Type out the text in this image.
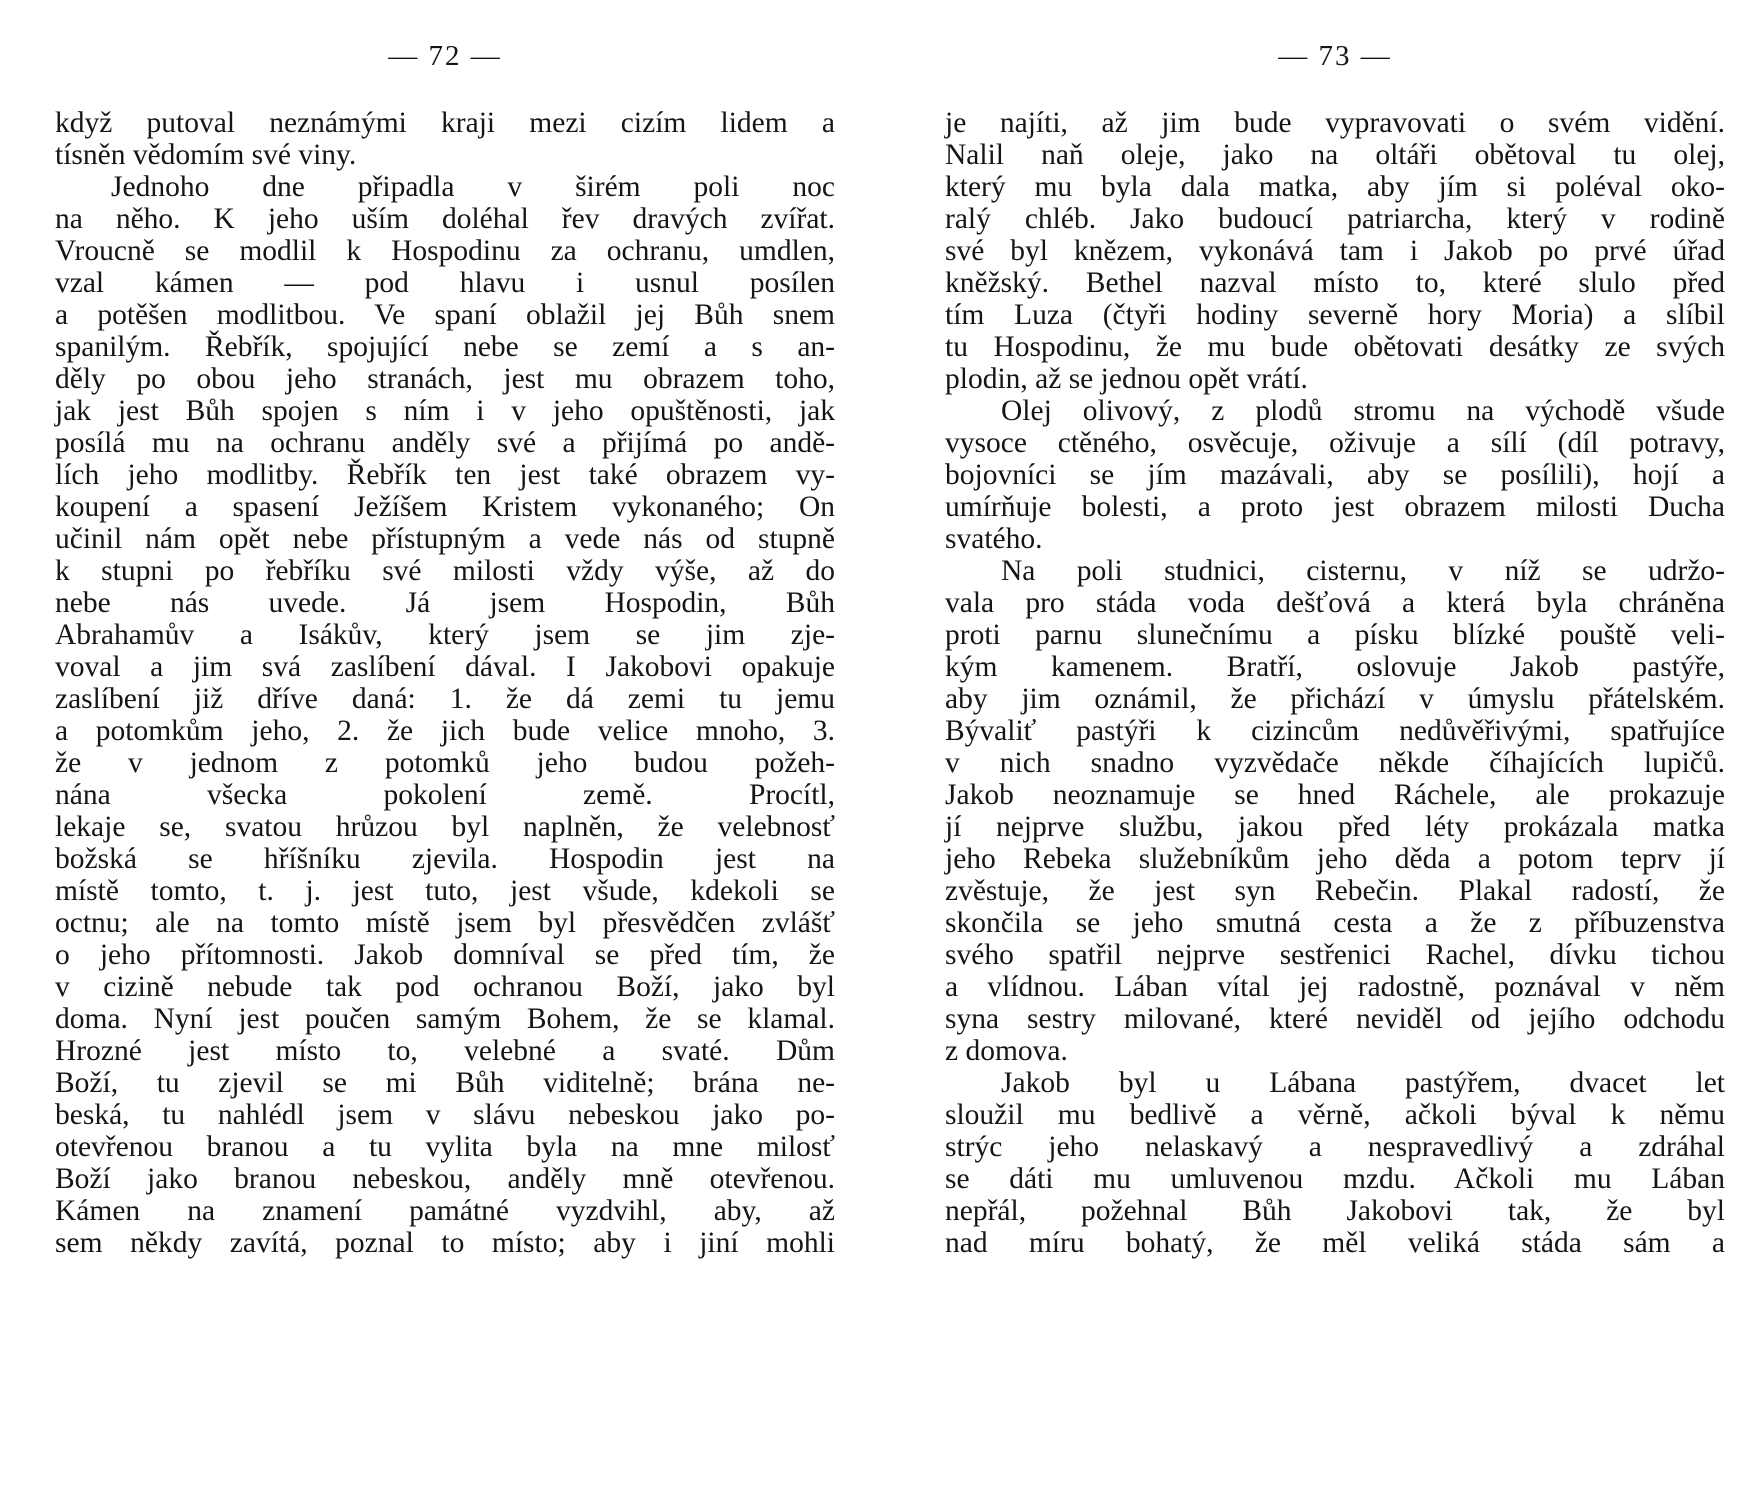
— 72 —
když putoval neznámými kraji mezi cizím lidem a
tísněn vědomím své viny.
Jednoho dne připadla v širém poli noc
na něho. K jeho uším doléhal řev dravých zvířat.
Vroucně se modlil k Hospodinu za ochranu, umdlen,
vzal kámen — pod hlavu i usnul posílen
a potěšen modlitbou. Ve spaní oblažil jej Bůh snem
spanilým. Řebřík, spojující nebe se zemí a s an-
děly po obou jeho stranách, jest mu obrazem toho,
jak jest Bůh spojen s ním i v jeho opuštěnosti, jak
posílá mu na ochranu anděly své a přijímá po andě-
lích jeho modlitby. Řebřík ten jest také obrazem vy-
koupení a spasení Ježíšem Kristem vykonaného; On
učinil nám opět nebe přístupným a vede nás od stupně
k stupni po řebříku své milosti vždy výše, až do
nebe nás uvede. Já jsem Hospodin, Bůh
Abrahamův a Isákův, který jsem se jim zje-
voval a jim svá zaslíbení dával. I Jakobovi opakuje
zaslíbení již dříve daná: 1. že dá zemi tu jemu
a potomkům jeho, 2. že jich bude velice mnoho, 3.
že v jednom z potomků jeho budou požeh-
nána všecka pokolení země. Procítl,
lekaje se, svatou hrůzou byl naplněn, že velebnosť
božská se hříšníku zjevila. Hospodin jest na
místě tomto, t. j. jest tuto, jest všude, kdekoli se
octnu; ale na tomto místě jsem byl přesvědčen zvlášť
o jeho přítomnosti. Jakob domníval se před tím, že
v cizině nebude tak pod ochranou Boží, jako byl
doma. Nyní jest poučen samým Bohem, že se klamal.
Hrozné jest místo to, velebné a svaté. Dům
Boží, tu zjevil se mi Bůh viditelně; brána ne-
beská, tu nahlédl jsem v slávu nebeskou jako po-
otevřenou branou a tu vylita byla na mne milosť
Boží jako branou nebeskou, anděly mně otevřenou.
Kámen na znamení památné vyzdvihl, aby, až
sem někdy zavítá, poznal to místo; aby i jiní mohli
— 73 —
je najíti, až jim bude vypravovati o svém vidění.
Nalil naň oleje, jako na oltáři obětoval tu olej,
který mu byla dala matka, aby jím si poléval oko-
ralý chléb. Jako budoucí patriarcha, který v rodině
své byl knězem, vykonává tam i Jakob po prvé úřad
kněžský. Bethel nazval místo to, které slulo před
tím Luza (čtyři hodiny severně hory Moria) a slíbil
tu Hospodinu, že mu bude obětovati desátky ze svých
plodin, až se jednou opět vrátí.
Olej olivový, z plodů stromu na východě všude
vysoce ctěného, osvěcuje, oživuje a sílí (díl potravy,
bojovníci se jím mazávali, aby se posílili), hojí a
umírňuje bolesti, a proto jest obrazem milosti Ducha
svatého.
Na poli studnici, cisternu, v níž se udržo-
vala pro stáda voda dešťová a která byla chráněna
proti parnu slunečnímu a písku blízké pouště veli-
kým kamenem. Bratří, oslovuje Jakob pastýře,
aby jim oznámil, že přichází v úmyslu přátelském.
Bývaliť pastýři k cizincům nedůvěřivými, spatřujíce
v nich snadno vyzvědače někde číhajících lupičů.
Jakob neoznamuje se hned Ráchele, ale prokazuje
jí nejprve službu, jakou před léty prokázala matka
jeho Rebeka služebníkům jeho děda a potom teprv jí
zvěstuje, že jest syn Rebečin. Plakal radostí, že
skončila se jeho smutná cesta a že z příbuzenstva
svého spatřil nejprve sestřenici Rachel, dívku tichou
a vlídnou. Lában vítal jej radostně, poznával v něm
syna sestry milované, které neviděl od jejího odchodu
z domova.
Jakob byl u Lábana pastýřem, dvacet let
sloužil mu bedlivě a věrně, ačkoli býval k němu
strýc jeho nelaskavý a nespravedlivý a zdráhal
se dáti mu umluvenou mzdu. Ačkoli mu Lában
nepřál, požehnal Bůh Jakobovi tak, že byl
nad míru bohatý, že měl veliká stáda sám a
